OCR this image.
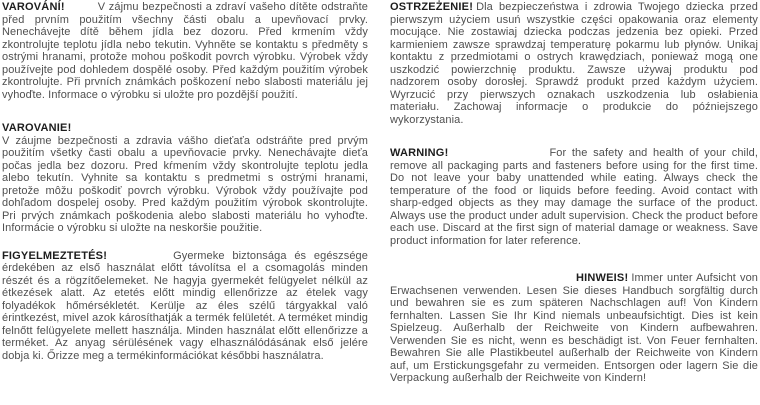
VAROVÁNÍ!	V zájmu bezpečnosti a zdraví vašeho dítěte odstraňte před prvním použitím všechny části obalu a upevňovací prvky. Nenechávejte dítě během jídla bez dozoru. Před krmením vždy zkontrolujte teplotu jídla nebo tekutin. Vyhněte se kontaktu s předměty s ostrými hranami, protože mohou poškodit povrch výrobku. Výrobek vždy používejte pod dohledem dospělé osoby. Před každým použitím výrobek zkontrolujte. Při prvních známkách poškození nebo slabosti materiálu jej vyhoďte. Informace o výrobku si uložte pro pozdější použití.

VAROVANIE!
V záujme bezpečnosti a zdravia vášho dieťaťa odstráňte pred prvým použitím všetky časti obalu a upevňovacie prvky. Nenechávajte dieťa počas jedla bez dozoru. Pred kŕmením vždy skontrolujte teplotu jedla alebo tekutín. Vyhnite sa kontaktu s predmetmi s ostrými hranami, pretože môžu poškodiť povrch výrobku. Výrobok vždy používajte pod dohľadom dospelej osoby. Pred každým použitím výrobok skontrolujte. Pri prvých známkach poškodenia alebo slabosti materiálu ho vyhoďte. Informácie o výrobku si uložte na neskoršie použitie.

FIGYELMEZTETÉS!	Gyermeke biztonsága és egészsége érdekében az első használat előtt távolítsa el a csomagolás minden részét és a rögzítőelemeket. Ne hagyja gyermekét felügyelet nélkül az étkezések alatt. Az etetés előtt mindig ellenőrizze az ételek vagy folyadékok hőmérsékletét. Kerülje az éles szélű tárgyakkal való érintkezést, mivel azok károsíthatják a termék felületét. A terméket mindig felnőtt felügyelete mellett használja. Minden használat előtt ellenőrizze a terméket. Az anyag sérülésének vagy elhasználódásának első jelére dobja ki. Őrizze meg a termékinformációkat későbbi használatra.

OSTRZEŻENIE! Dla bezpieczeństwa i zdrowia Twojego dziecka przed pierwszym użyciem usuń wszystkie części opakowania oraz elementy mocujące. Nie zostawiaj dziecka podczas jedzenia bez opieki. Przed karmieniem zawsze sprawdzaj temperaturę pokarmu lub płynów. Unikaj kontaktu z przedmiotami o ostrych krawędziach, ponieważ mogą one uszkodzić powierzchnię produktu. Zawsze używaj produktu pod nadzorem osoby dorosłej. Sprawdź produkt przed każdym użyciem. Wyrzucić przy pierwszych oznakach uszkodzenia lub osłabienia materiału. Zachowaj informacje o produkcie do późniejszego wykorzystania.

WARNING!	For the safety and health of your child, remove all packaging parts and fasteners before using for the first time. Do not leave your baby unattended while eating. Always check the temperature of the food or liquids before feeding. Avoid contact with sharp-edged objects as they may damage the surface of the product. Always use the product under adult supervision. Check the product before each use. Discard at the first sign of material damage or weakness. Save product information for later reference.

HINWEIS! Immer unter Aufsicht von Erwachsenen verwenden. Lesen Sie dieses Handbuch sorgfältig durch und bewahren sie es zum späteren Nachschlagen auf! Von Kindern fernhalten. Lassen Sie Ihr Kind niemals unbeaufsichtigt. Dies ist kein Spielzeug. Außerhalb der Reichweite von Kindern aufbewahren. Verwenden Sie es nicht, wenn es beschädigt ist. Von Feuer fernhalten. Bewahren Sie alle Plastikbeutel außerhalb der Reichweite von Kindern auf, um Erstickungsgefahr zu vermeiden. Entsorgen oder lagern Sie die Verpackung außerhalb der Reichweite von Kindern!
